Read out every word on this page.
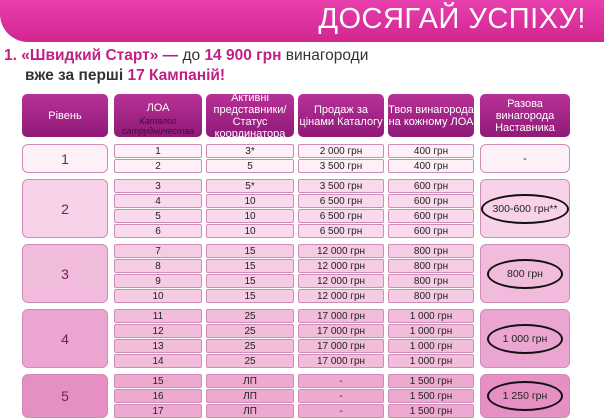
ДОСЯГАЙ УСПІХУ!
1. «Швидкий Старт» — до 14 900 грн винагороди
вже за перші 17 Кампаній!
Рівень
ЛОА
Каталог сатрудничества
Активні представники/ Статус координатора
Продаж за цінами Каталогу
Твоя винагорода на кожному ЛОА
Разова винагорода Наставника
1	1	3*	2 000 грн	400 грн
2	5	3 500 грн	400 грн
-
2
3	5*	3 500 грн	600 грн
4	10	6 500 грн	600 грн
5	10	6 500 грн	600 грн
6	10	6 500 грн	600 грн
300-600 грн**
3
7	15	12 000 грн	800 грн
8	15	12 000 грн	800 грн
9	15	12 000 грн	800 грн
10	15	12 000 грн	800 грн
800 грн
4
11	25	17 000 грн	1 000 грн
12	25	17 000 грн	1 000 грн
13	25	17 000 грн	1 000 грн
14	25	17 000 грн	1 000 грн
1 000 грн
5
15	ЛП	-	1 500 грн
16	ЛП	-	1 500 грн
17	ЛП	-	1 500 грн
1 250 грн
